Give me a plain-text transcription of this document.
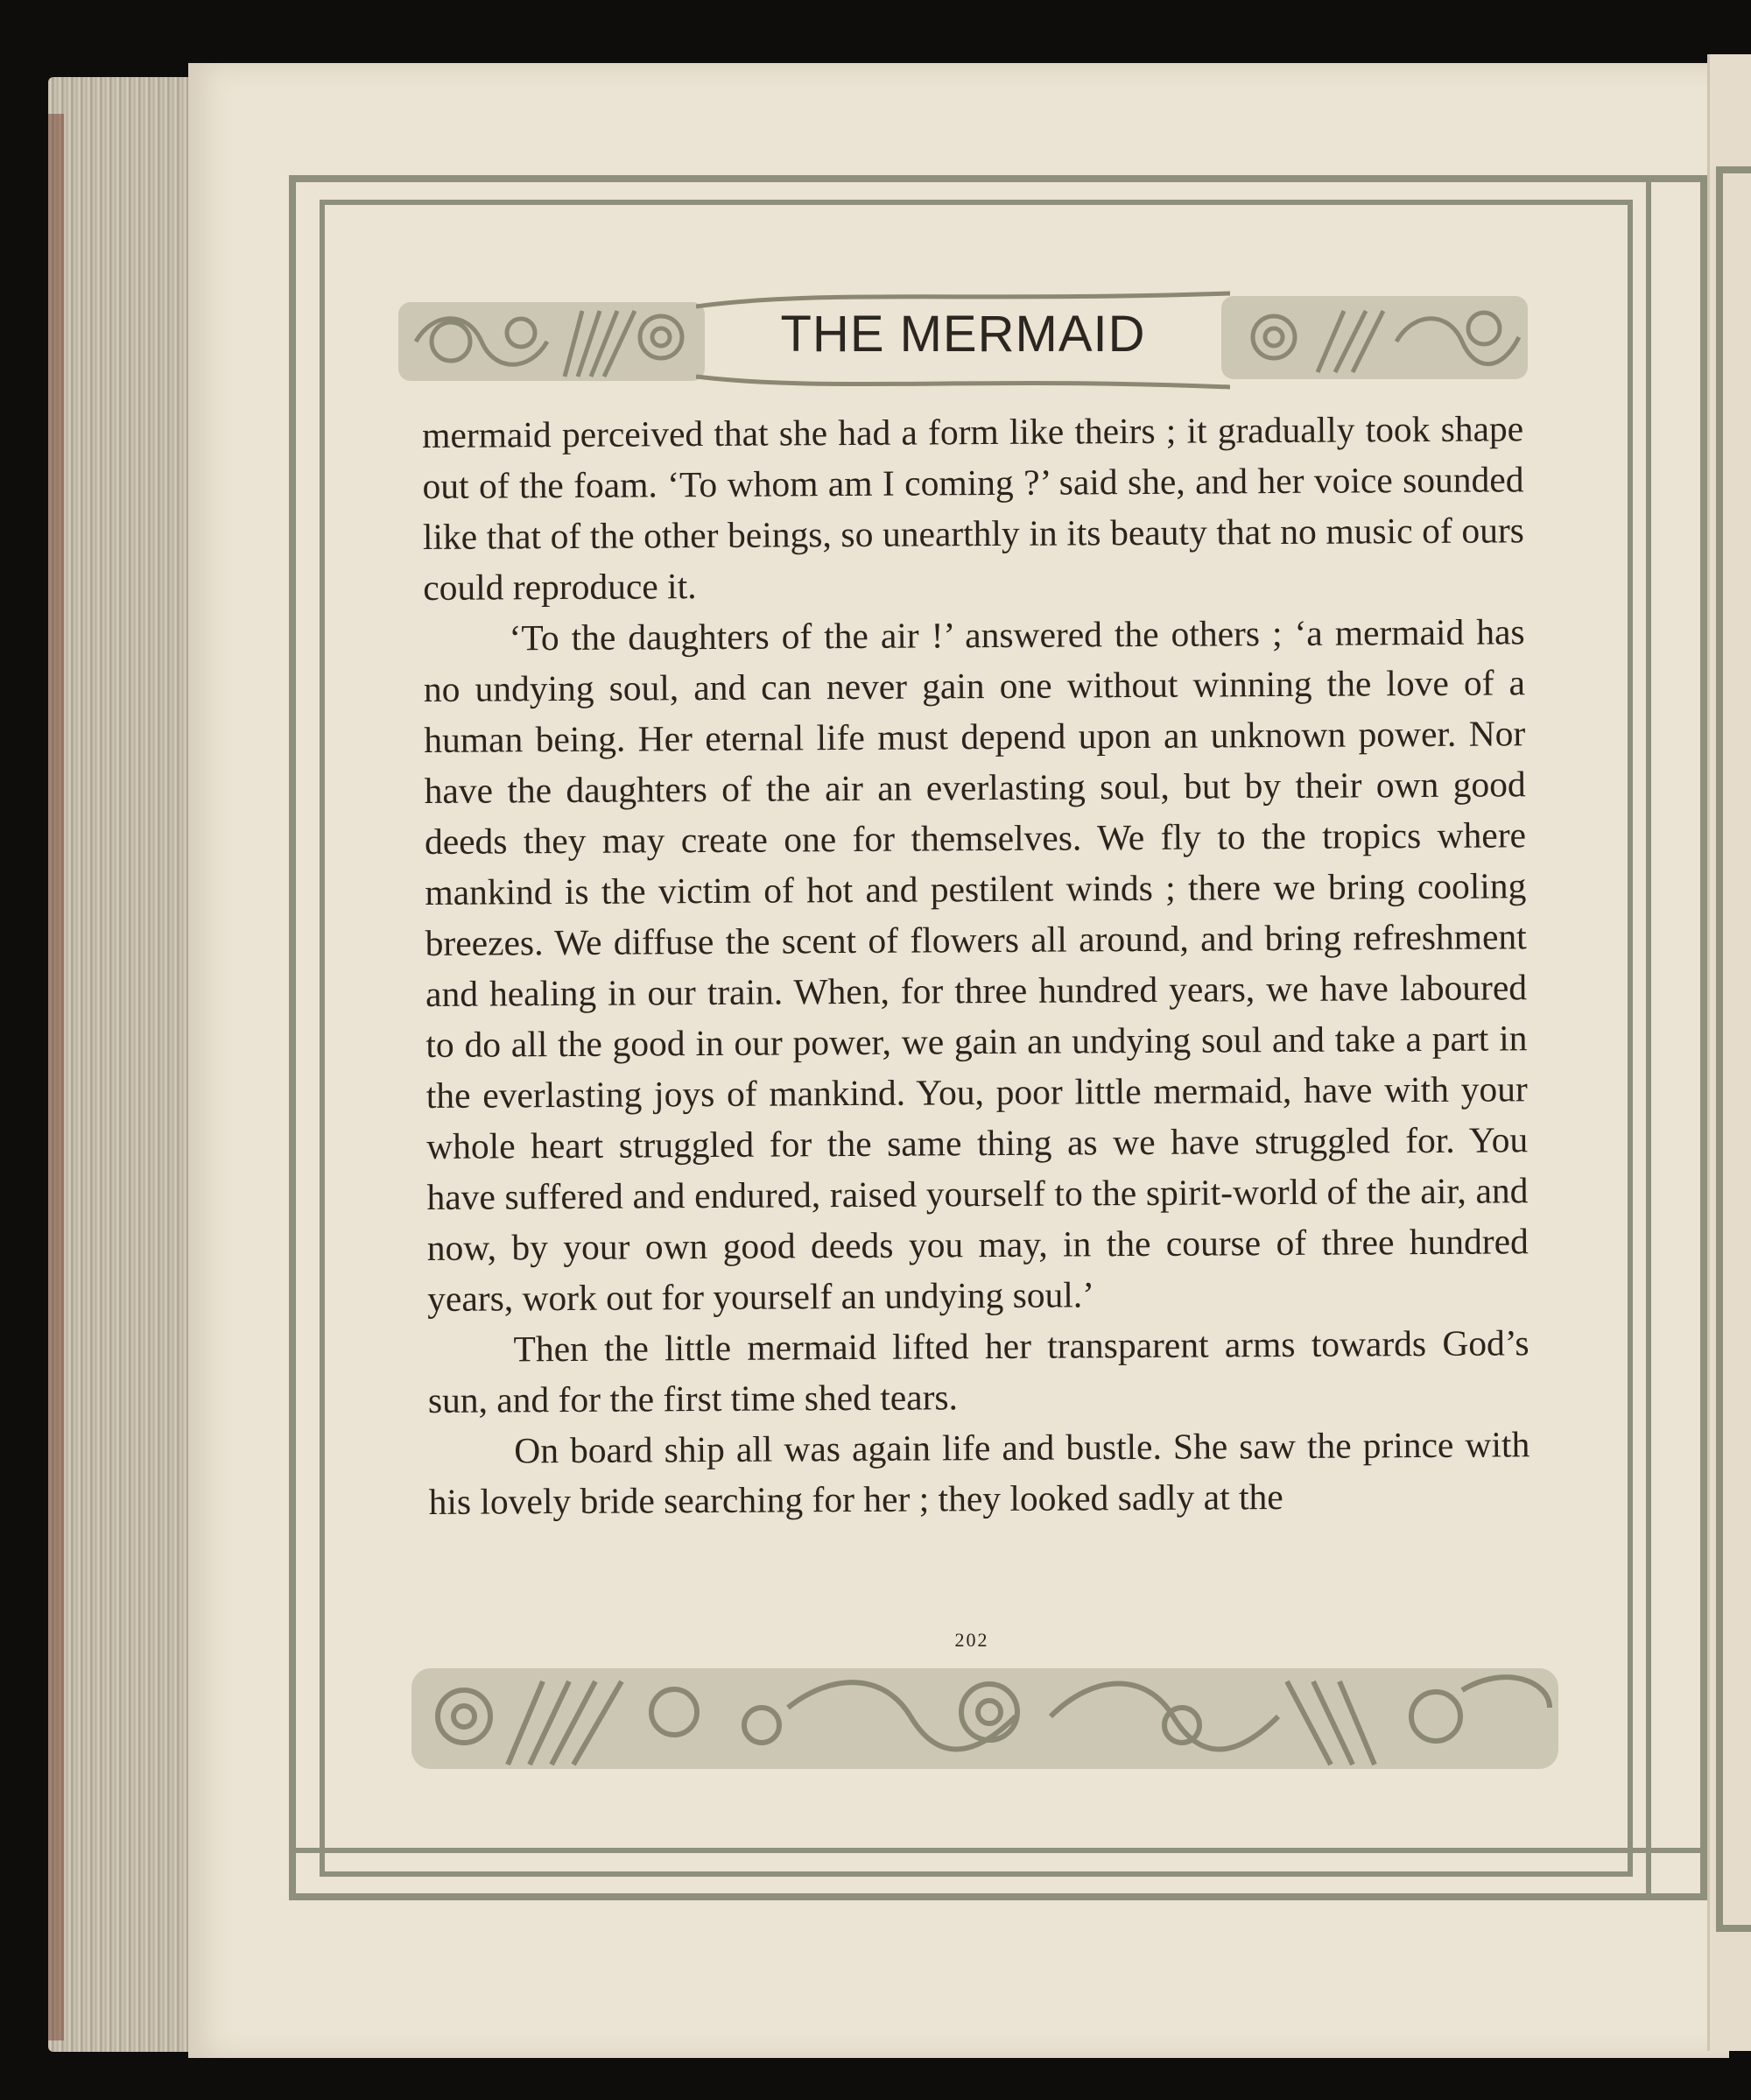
THE MERMAID

mermaid perceived that she had a form like theirs ; it gradually took shape out of the foam. ‘To whom am I coming ?’ said she, and her voice sounded like that of the other beings, so unearthly in its beauty that no music of ours could reproduce it.

‘To the daughters of the air !’ answered the others ; ‘a mermaid has no undying soul, and can never gain one without winning the love of a human being. Her eternal life must depend upon an unknown power. Nor have the daughters of the air an everlasting soul, but by their own good deeds they may create one for themselves. We fly to the tropics where mankind is the victim of hot and pestilent winds ; there we bring cooling breezes. We diffuse the scent of flowers all around, and bring refreshment and healing in our train. When, for three hundred years, we have laboured to do all the good in our power, we gain an undying soul and take a part in the everlasting joys of mankind. You, poor little mermaid, have with your whole heart struggled for the same thing as we have struggled for. You have suffered and endured, raised yourself to the spirit-world of the air, and now, by your own good deeds you may, in the course of three hundred years, work out for yourself an undying soul.’

Then the little mermaid lifted her transparent arms towards God’s sun, and for the first time shed tears.

On board ship all was again life and bustle. She saw the prince with his lovely bride searching for her ; they looked sadly at the

202
